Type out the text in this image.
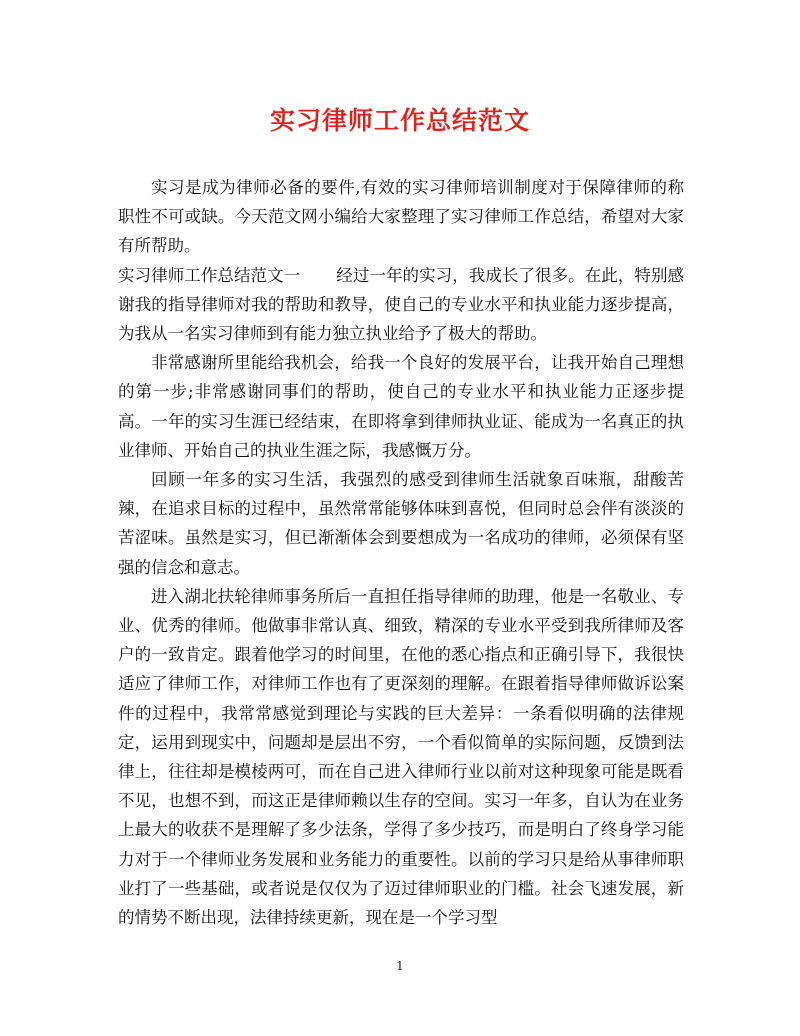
实习律师工作总结范文

实习是成为律师必备的要件,有效的实习律师培训制度对于保障律师的称职性不可或缺。今天范文网小编给大家整理了实习律师工作总结，希望对大家有所帮助。

实习律师工作总结范文一 经过一年的实习，我成长了很多。在此，特别感谢我的指导律师对我的帮助和教导，使自己的专业水平和执业能力逐步提高，为我从一名实习律师到有能力独立执业给予了极大的帮助。

非常感谢所里能给我机会，给我一个良好的发展平台，让我开始自己理想的第一步;非常感谢同事们的帮助，使自己的专业水平和执业能力正逐步提高。一年的实习生涯已经结束，在即将拿到律师执业证、能成为一名真正的执业律师、开始自己的执业生涯之际，我感慨万分。

回顾一年多的实习生活，我强烈的感受到律师生活就象百味瓶，甜酸苦辣，在追求目标的过程中，虽然常常能够体味到喜悦，但同时总会伴有淡淡的苦涩味。虽然是实习，但已渐渐体会到要想成为一名成功的律师，必须保有坚强的信念和意志。

进入湖北扶轮律师事务所后一直担任指导律师的助理，他是一名敬业、专业、优秀的律师。他做事非常认真、细致，精深的专业水平受到我所律师及客户的一致肯定。跟着他学习的时间里，在他的悉心指点和正确引导下，我很快适应了律师工作，对律师工作也有了更深刻的理解。在跟着指导律师做诉讼案件的过程中，我常常感觉到理论与实践的巨大差异：一条看似明确的法律规定，运用到现实中，问题却是层出不穷，一个看似简单的实际问题，反馈到法律上，往往却是模棱两可，而在自己进入律师行业以前对这种现象可能是既看不见，也想不到，而这正是律师赖以生存的空间。实习一年多，自认为在业务上最大的收获不是理解了多少法条，学得了多少技巧，而是明白了终身学习能力对于一个律师业务发展和业务能力的重要性。以前的学习只是给从事律师职业打了一些基础，或者说是仅仅为了迈过律师职业的门槛。社会飞速发展，新的情势不断出现，法律持续更新，现在是一个学习型

1
